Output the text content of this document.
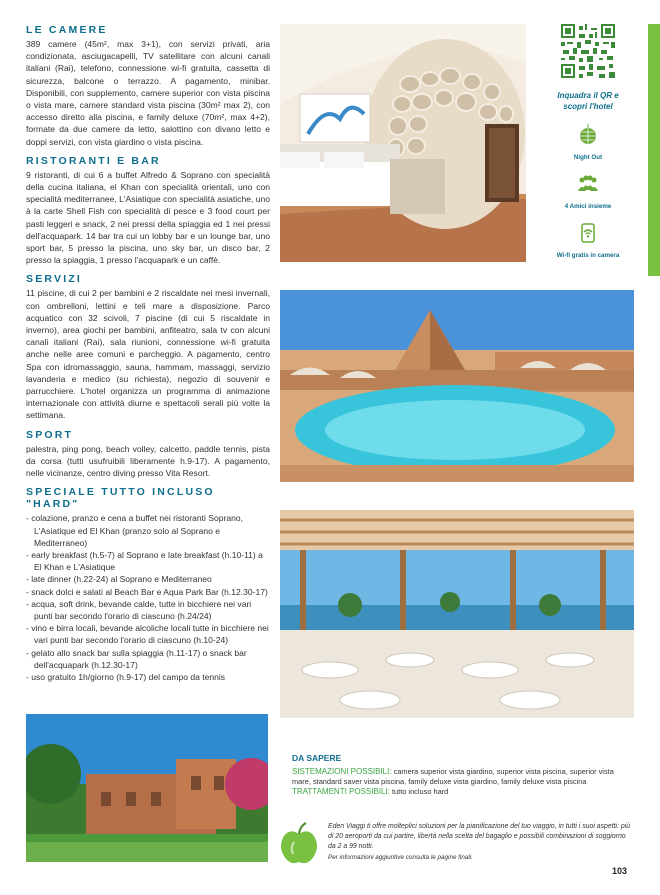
LE CAMERE

389 camere (45m², max 3+1), con servizi privati, aria condizionata, asciugacapelli, TV satellitare con alcuni canali italiani (Rai), telefono, connessione wi-fi gratuita, cassetta di sicurezza, balcone o terrazzo. A pagamento, minibar. Disponibili, con supplemento, camere superior con vista piscina o vista mare, camere standard vista piscina (30m² max 2), con accesso diretto alla piscina, e family deluxe (70m², max 4+2), formate da due camere da letto, salottino con divano letto e doppi servizi, con vista giardino o vista piscina.

RISTORANTI E BAR

9 ristoranti, di cui 6 a buffet Alfredo & Soprano con specialità della cucina italiana, el Khan con specialità orientali, uno con specialità mediterranee, L'Asiatique con specialità asiatiche, uno à la carte Shell Fish con specialità di pesce e 3 food court per pasti leggeri e snack, 2 nei pressi della spiaggia ed 1 nei pressi dell'acquapark. 14 bar tra cui un lobby bar e un lounge bar, uno sport bar, 5 presso la piscina, uno sky bar, un disco bar, 2 presso la spiaggia, 1 presso l'acquapark e un caffè.

SERVIZI

11 piscine, di cui 2 per bambini e 2 riscaldate nei mesi invernali, con ombrelloni, lettini e teli mare a disposizione. Parco acquatico con 32 scivoli, 7 piscine (di cui 5 riscaldate in inverno), area giochi per bambini, anfiteatro, sala tv con alcuni canali italiani (Rai), sala riunioni, connessione wi-fi gratuita anche nelle aree comuni e parcheggio. A pagamento, centro Spa con idromassaggio, sauna, hammam, massaggi, servizio lavanderia e medico (su richiesta), negozio di souvenir e parrucchiere. L'hotel organizza un programma di animazione internazionale con attività diurne e spettacoli serali più volte la settimana.

SPORT

palestra, ping pong, beach volley, calcetto, paddle tennis, pista da corsa (tutti usufruibili liberamente h.9-17). A pagamento, nelle vicinanze, centro diving presso Vita Resort.

SPECIALE TUTTO INCLUSO "HARD"
- colazione, pranzo e cena a buffet nei ristoranti Soprano, L'Asiatique ed El Khan (pranzo solo al Soprano e Mediterraneo)
- early breakfast (h.5-7) al Soprano e late breakfast (h.10-11) a El Khan e L'Asiatique
- late dinner (h.22-24) al Soprano e Mediterraneo
- snack dolci e salati al Beach Bar e Aqua Park Bar (h.12.30-17)
- acqua, soft drink, bevande calde, tutte in bicchiere nei vari punti bar secondo l'orario di ciascuno (h.24/24)
- vino e birra locali, bevande alcoliche locali tutte in bicchiere nei vari punti bar secondo l'orario di ciascuno (h.10-24)
- gelato allo snack bar sulla spiaggia (h.11-17) o snack bar dell'acquapark (h.12.30-17)
- uso gratuito 1h/giorno (h.9-17) del campo da tennis
Inquadra il QR e scopri l'hotel
Night Out
4 Amici insieme
Wi-fi gratis in camera
DA SAPERE

SISTEMAZIONI POSSIBILI: camera superior vista giardino, superior vista piscina, superior vista mare, standard saver vista piscina, family deluxe vista giardino, family deluxe vista piscina

TRATTAMENTI POSSIBILI: tutto incluso hard

Eden Viaggi ti offre molteplici soluzioni per la pianificazione del tuo viaggio, in tutti i suoi aspetti: più di 20 aeroporti da cui partire, libertà nella scelta del bagaglio e possibili combinazioni di soggiorno da 2 a 99 notti.

Per informazioni aggiuntive consulta le pagine finali.

103
